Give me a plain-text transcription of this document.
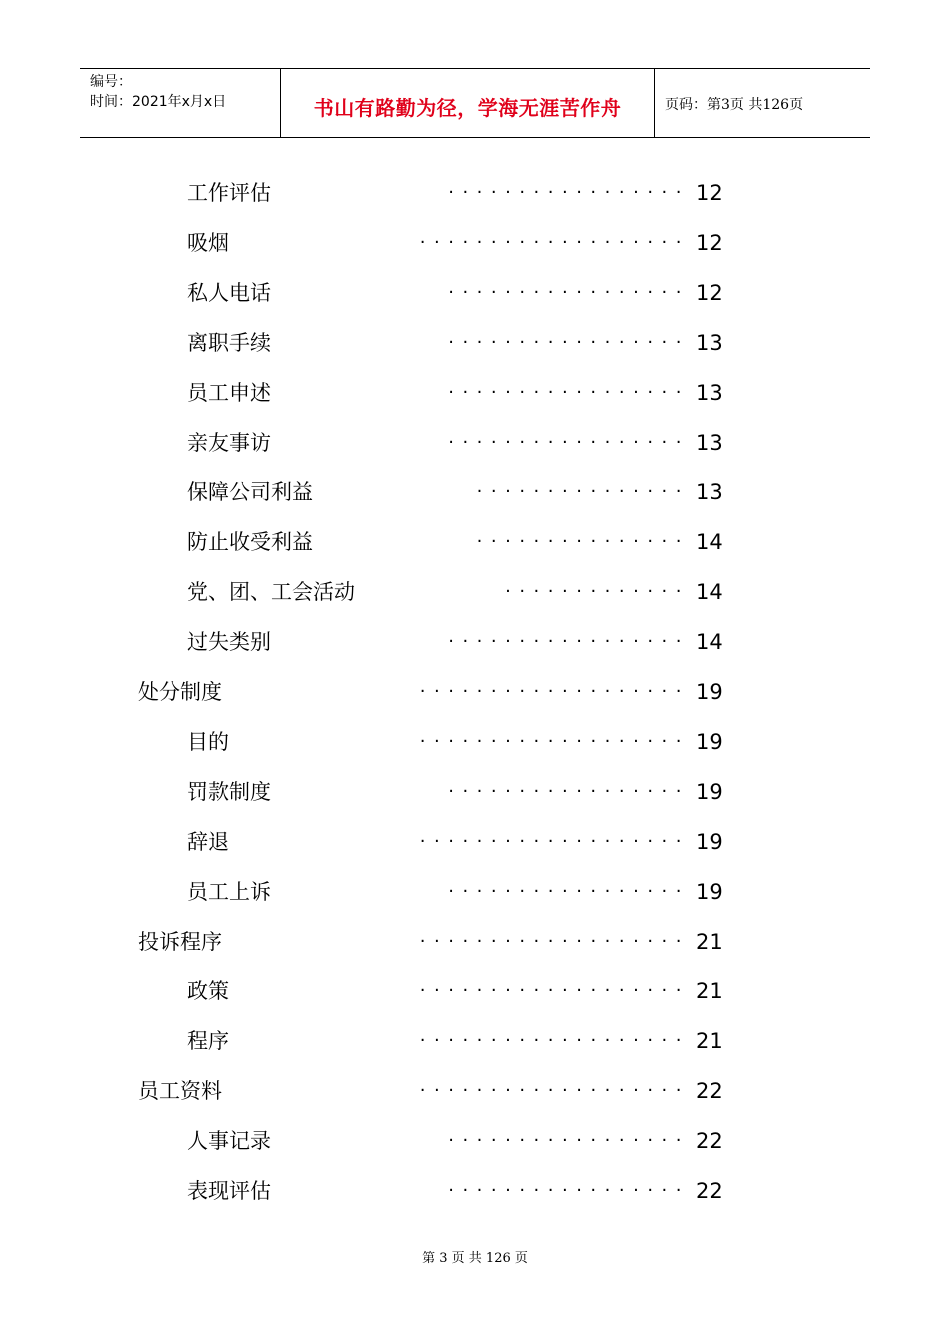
编号：
时间：2021年x月x日	书山有路勤为径，学海无涯苦作舟	页码：第3页 共126页
工作评估	12
·················
吸烟	12
···················
私人电话	12
·················
离职手续	13
·················
员工申述	13
·················
亲友事访	13
·················
保障公司利益	13
···············
防止收受利益	14
···············
党、团、工会活动	14
·············
过失类别	14
·················
处分制度	19
···················
目的	19
···················
罚款制度	19
·················
辞退	19
···················
员工上诉	19
·················
投诉程序	21
···················
政策	21
···················
程序	21
···················
员工资料	22
···················
人事记录	22
·················
表现评估	22
·················
第 3 页 共 126 页
